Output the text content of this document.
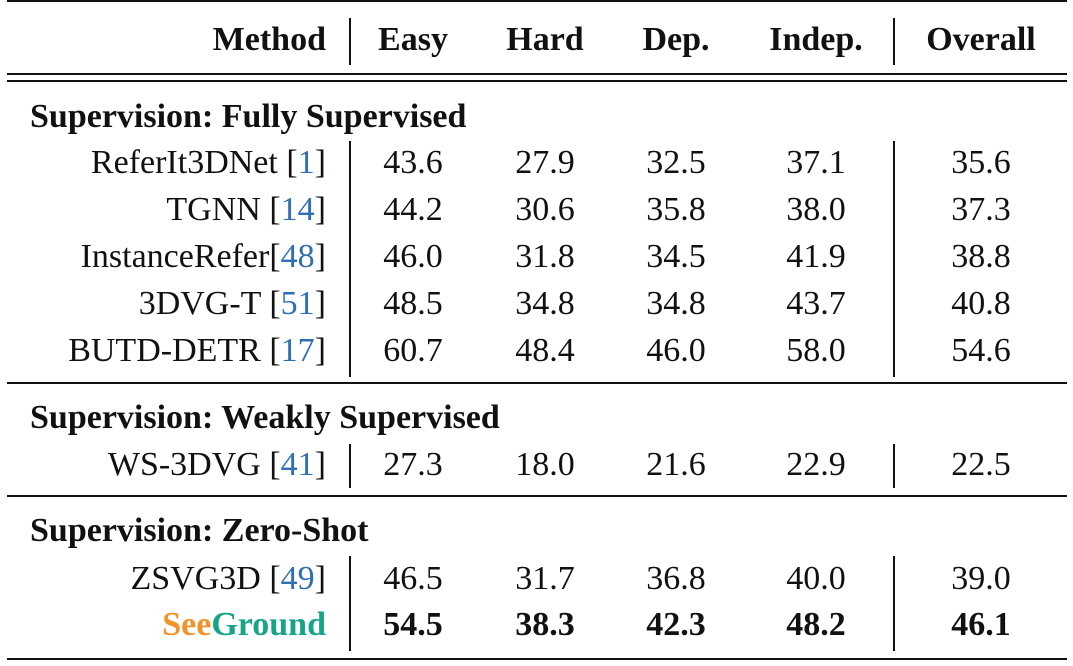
Method Easy Hard Dep. Indep. Overall
Supervision: Fully Supervised
ReferIt3DNet [1] 43.6 27.9 32.5 37.1	35.6
TGNN [14] 44.2 30.6 35.8 38.0	37.3
InstanceRefer[48] 46.0 31.8 34.5 41.9	38.8
3DVG-T [51] 48.5 34.8 34.8 43.7	40.8
BUTD-DETR [17] 60.7 48.4 46.0 58.0	54.6
Supervision: Weakly Supervised
WS-3DVG [41] 27.3 18.0 21.6 22.9	22.5
Supervision: Zero-Shot
ZSVG3D [49] 46.5 31.7 36.8 40.0	39.0
SeeGround 54.5 38.3 42.3 48.2	46.1
